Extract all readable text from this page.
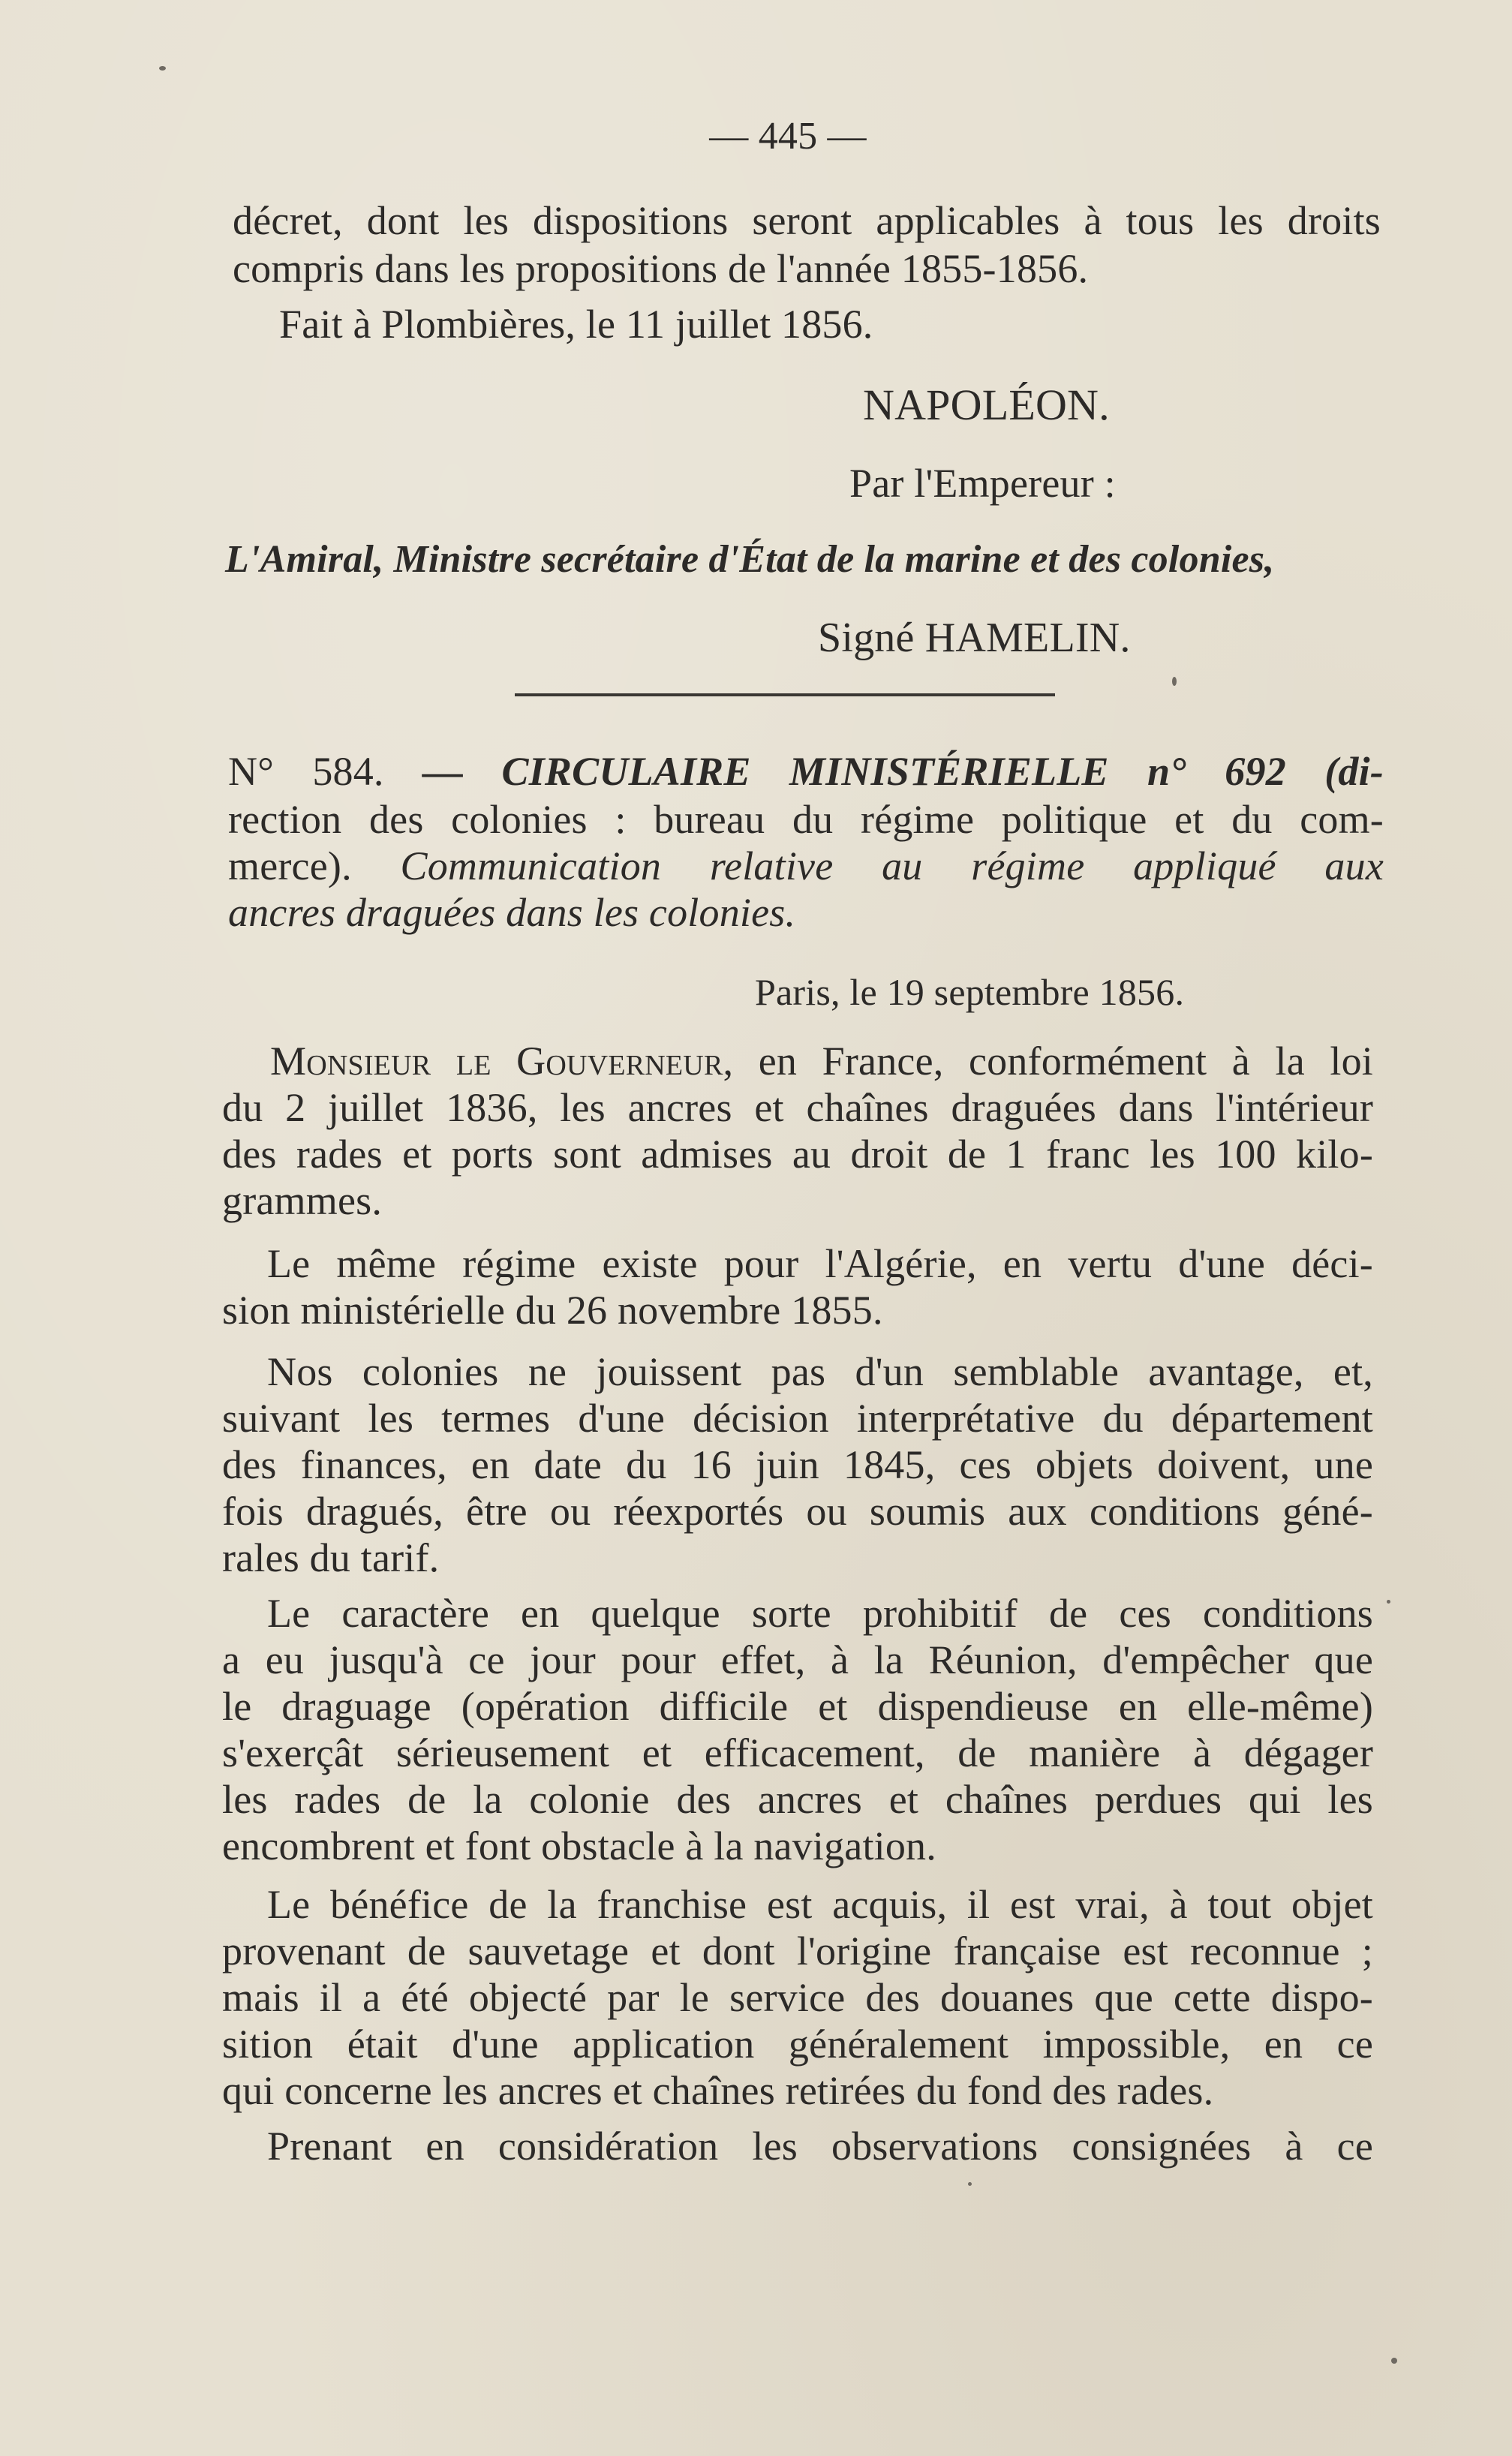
— 445 —
décret, dont les dispositions seront applicables à tous les droits
compris dans les propositions de l'année 1855-1856.
Fait à Plombières, le 11 juillet 1856.
NAPOLÉON.
Par l'Empereur :
L'Amiral, Ministre secrétaire d'État de la marine et des colonies,
Signé HAMELIN.
N° 584. — CIRCULAIRE MINISTÉRIELLE n° 692 (di-
rection des colonies : bureau du régime politique et du com-
merce). Communication relative au régime appliqué aux
ancres draguées dans les colonies.
Paris, le 19 septembre 1856.
Monsieur le Gouverneur, en France, conformément à la loi
du 2 juillet 1836, les ancres et chaînes draguées dans l'intérieur
des rades et ports sont admises au droit de 1 franc les 100 kilo-
grammes.
Le même régime existe pour l'Algérie, en vertu d'une déci-
sion ministérielle du 26 novembre 1855.
Nos colonies ne jouissent pas d'un semblable avantage, et,
suivant les termes d'une décision interprétative du département
des finances, en date du 16 juin 1845, ces objets doivent, une
fois dragués, être ou réexportés ou soumis aux conditions géné-
rales du tarif.
Le caractère en quelque sorte prohibitif de ces conditions
a eu jusqu'à ce jour pour effet, à la Réunion, d'empêcher que
le draguage (opération difficile et dispendieuse en elle-même)
s'exerçât sérieusement et efficacement, de manière à dégager
les rades de la colonie des ancres et chaînes perdues qui les
encombrent et font obstacle à la navigation.
Le bénéfice de la franchise est acquis, il est vrai, à tout objet
provenant de sauvetage et dont l'origine française est reconnue ;
mais il a été objecté par le service des douanes que cette dispo-
sition était d'une application généralement impossible, en ce
qui concerne les ancres et chaînes retirées du fond des rades.
Prenant en considération les observations consignées à ce
